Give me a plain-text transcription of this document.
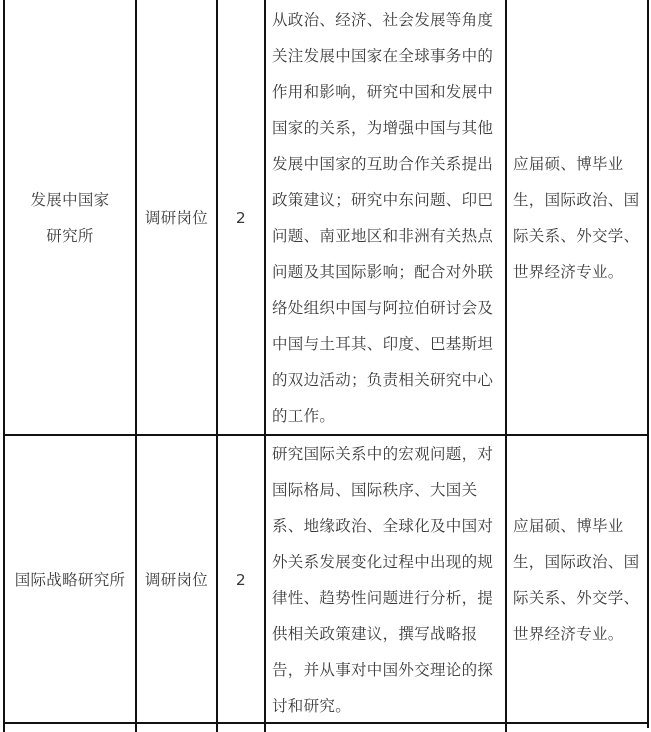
发展中国家
研究所
调研岗位 2
从政治、经济、社会发展等角度
关注发展中国家在全球事务中的
作用和影响，研究中国和发展中
国家的关系，为增强中国与其他
发展中国家的互助合作关系提出
政策建议；研究中东问题、印巴
问题、南亚地区和非洲有关热点
问题及其国际影响；配合对外联
络处组织中国与阿拉伯研讨会及
中国与土耳其、印度、巴基斯坦
的双边活动；负责相关研究中心
的工作。
应届硕、博毕业
生，国际政治、国
际关系、外交学、
世界经济专业。
国际战略研究所 调研岗位 2
研究国际关系中的宏观问题，对
国际格局、国际秩序、大国关
系、地缘政治、全球化及中国对
外关系发展变化过程中出现的规
律性、趋势性问题进行分析，提
供相关政策建议，撰写战略报
告，并从事对中国外交理论的探
讨和研究。
应届硕、博毕业
生，国际政治、国
际关系、外交学、
世界经济专业。
